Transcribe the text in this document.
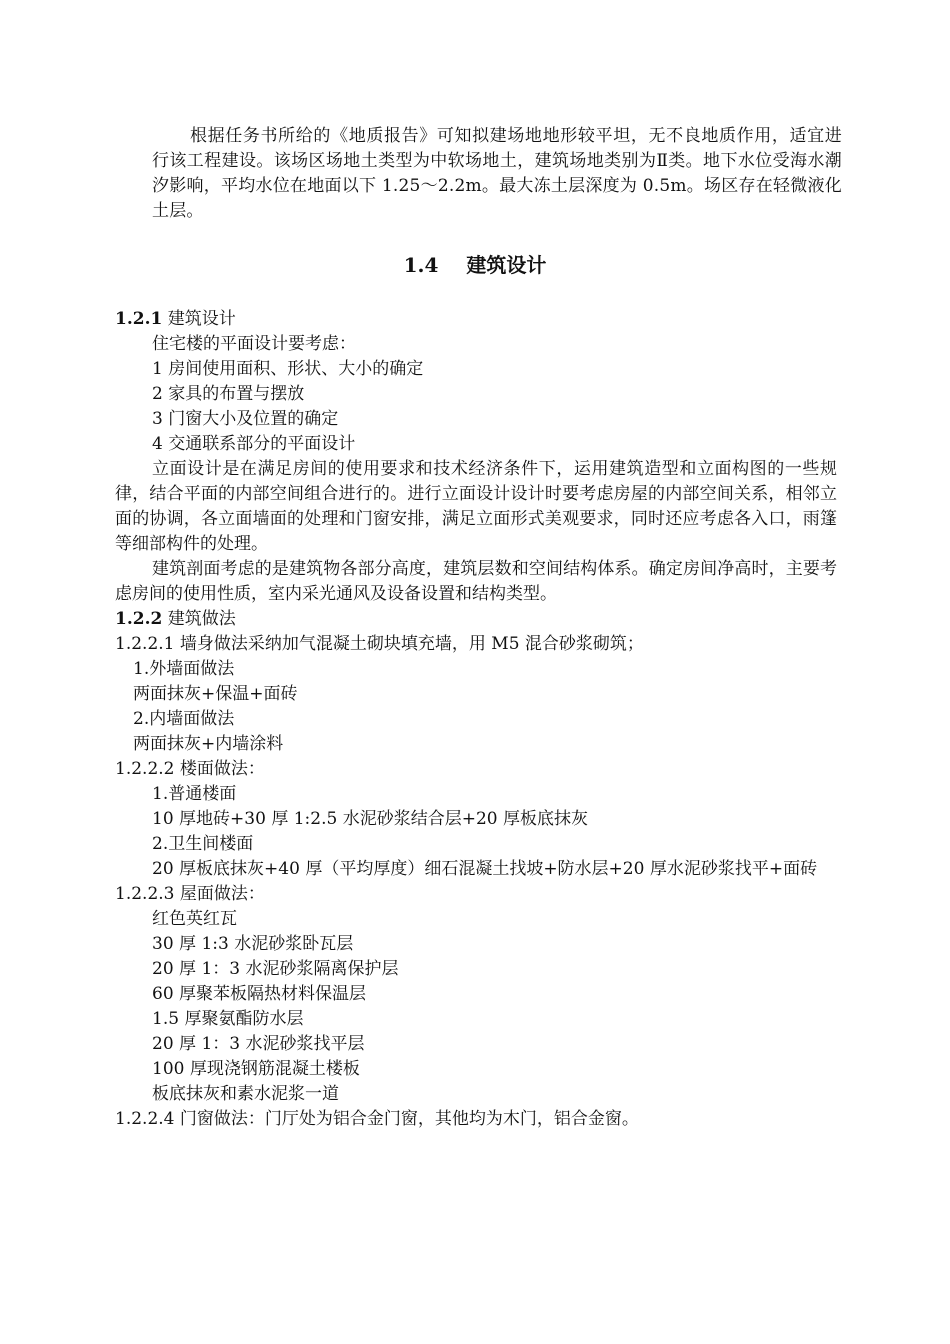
根据任务书所给的《地质报告》可知拟建场地地形较平坦，无不良地质作用，适宜进行该工程建设。该场区场地土类型为中软场地土，建筑场地类别为Ⅱ类。地下水位受海水潮汐影响，平均水位在地面以下 1.25～2.2m。最大冻土层深度为 0.5m。场区存在轻微液化土层。

1.4 建筑设计

1.2.1 建筑设计

住宅楼的平面设计要考虑：

1 房间使用面积、形状、大小的确定

2 家具的布置与摆放

3 门窗大小及位置的确定

4 交通联系部分的平面设计

立面设计是在满足房间的使用要求和技术经济条件下，运用建筑造型和立面构图的一些规律，结合平面的内部空间组合进行的。进行立面设计设计时要考虑房屋的内部空间关系，相邻立面的协调，各立面墙面的处理和门窗安排，满足立面形式美观要求，同时还应考虑各入口，雨篷等细部构件的处理。

建筑剖面考虑的是建筑物各部分高度，建筑层数和空间结构体系。确定房间净高时，主要考虑房间的使用性质，室内采光通风及设备设置和结构类型。

1.2.2 建筑做法

1.2.2.1 墙身做法采纳加气混凝土砌块填充墙，用 M5 混合砂浆砌筑；

1.外墙面做法

两面抹灰+保温+面砖

2.内墙面做法

两面抹灰+内墙涂料

1.2.2.2 楼面做法：

1.普通楼面

10 厚地砖+30 厚 1:2.5 水泥砂浆结合层+20 厚板底抹灰

2.卫生间楼面

20 厚板底抹灰+40 厚（平均厚度）细石混凝土找坡+防水层+20 厚水泥砂浆找平+面砖

1.2.2.3 屋面做法：

红色英红瓦

30 厚 1:3 水泥砂浆卧瓦层

20 厚 1：3 水泥砂浆隔离保护层

60 厚聚苯板隔热材料保温层

1.5 厚聚氨酯防水层

20 厚 1：3 水泥砂浆找平层

100 厚现浇钢筋混凝土楼板

板底抹灰和素水泥浆一道

1.2.2.4 门窗做法：门厅处为铝合金门窗，其他均为木门，铝合金窗。
